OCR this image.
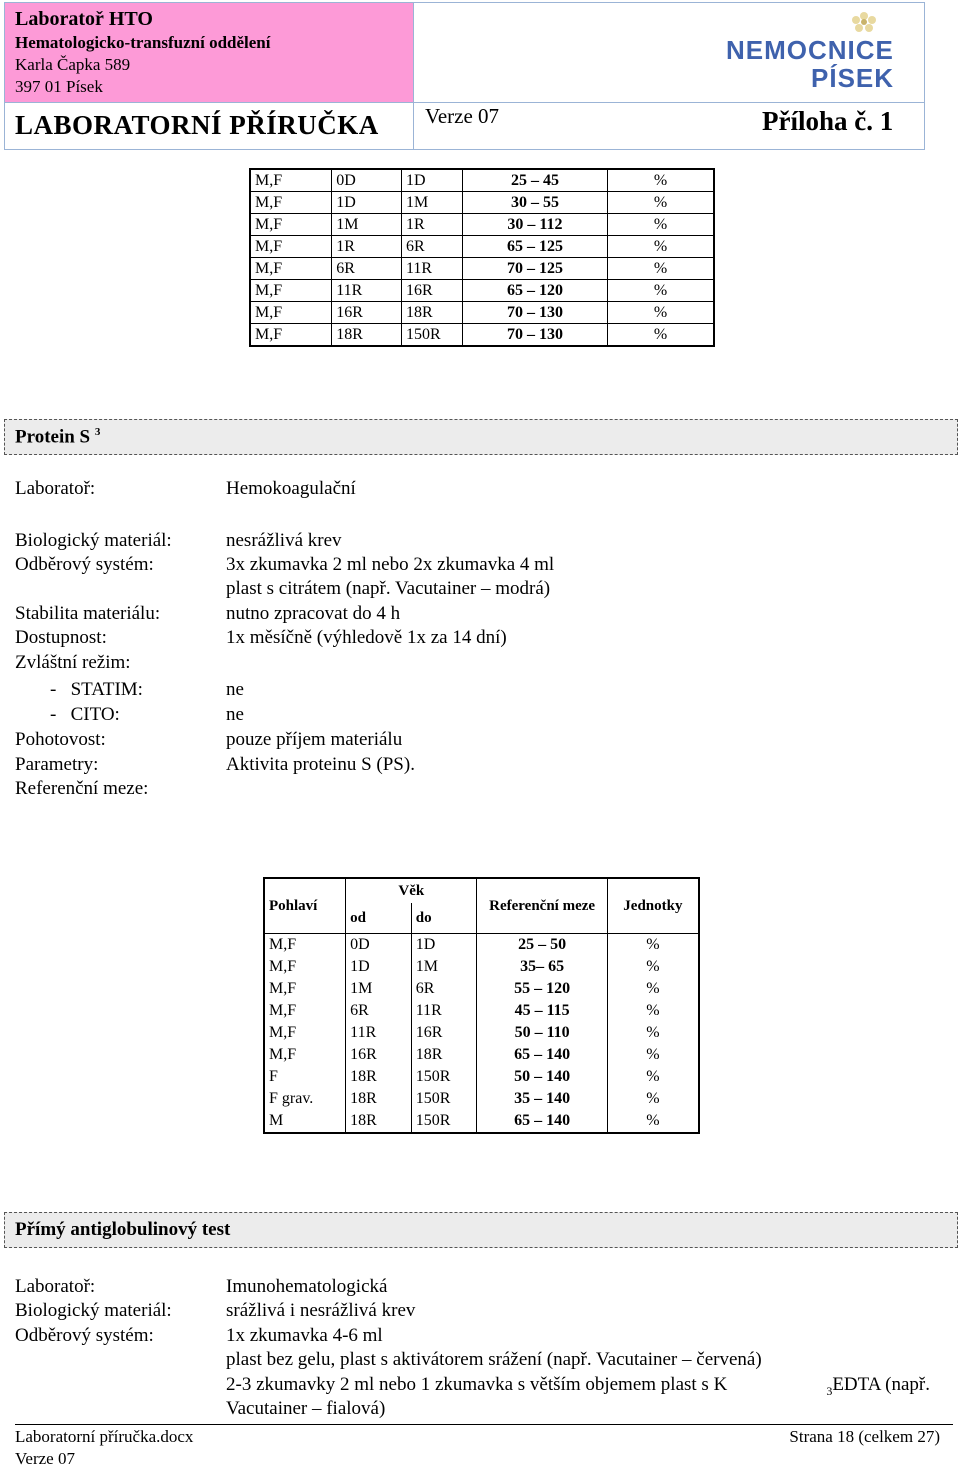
Laboratoř HTO
Hematologicko-transfuzní oddělení
Karla Čapka 589
397 01 Písek
LABORATORNÍ PŘÍRUČKA Verze 07	Příloha č. 1
NEMOCNICE
PÍSEK
M,F	0D	1D	25 – 45	%
M,F	1D	1M	30 – 55	%
M,F	1M	1R	30 – 112	%
M,F	1R	6R	65 – 125	%
M,F	6R	11R	70 – 125	%
M,F	11R	16R	65 – 120	%
M,F	16R	18R	70 – 130	%
M,F	18R	150R	70 – 130	%
Protein S $^3$
Laboratoř:	Hemokoagulační
Biologický materiál:	nesrážlivá krev
Odběrový systém:	3x zkumavka 2 ml nebo 2x zkumavka 4 ml
plast s citrátem (např. Vacutainer – modrá)
Stabilita materiálu:	nutno zpracovat do 4 h
Dostupnost:	1x měsíčně (výhledově 1x za 14 dní)
Zvláštní režim:
-   STATIM:	ne
-   CITO:	ne
Pohotovost:	pouze příjem materiálu
Parametry:	Aktivita proteinu S (PS).
Referenční meze:
Pohlaví	Věk		Referenční meze	Jednotky
	od	do		
M,F	0D	1D	25 – 50	%
M,F	1D	1M	35– 65	%
M,F	1M	6R	55 – 120	%
M,F	6R	11R	45 – 115	%
M,F	11R	16R	50 – 110	%
M,F	16R	18R	65 – 140	%
F	18R	150R	50 – 140	%
F grav.	18R	150R	35 – 140	%
M	18R	150R	65 – 140	%
Přímý antiglobulinový test
Laboratoř:	Imunohematologická
Biologický materiál:	srážlivá i nesrážlivá krev
Odběrový systém:	1x zkumavka 4-6 ml
plast bez gelu, plast s aktivátorem srážení (např. Vacutainer – červená)
2-3 zkumavky 2 ml nebo 1 zkumavka s větším objemem plast s K	$_3$EDTA (např.
Vacutainer – fialová)
Laboratorní příručka.docx	Strana 18 (celkem 27)
Verze 07
